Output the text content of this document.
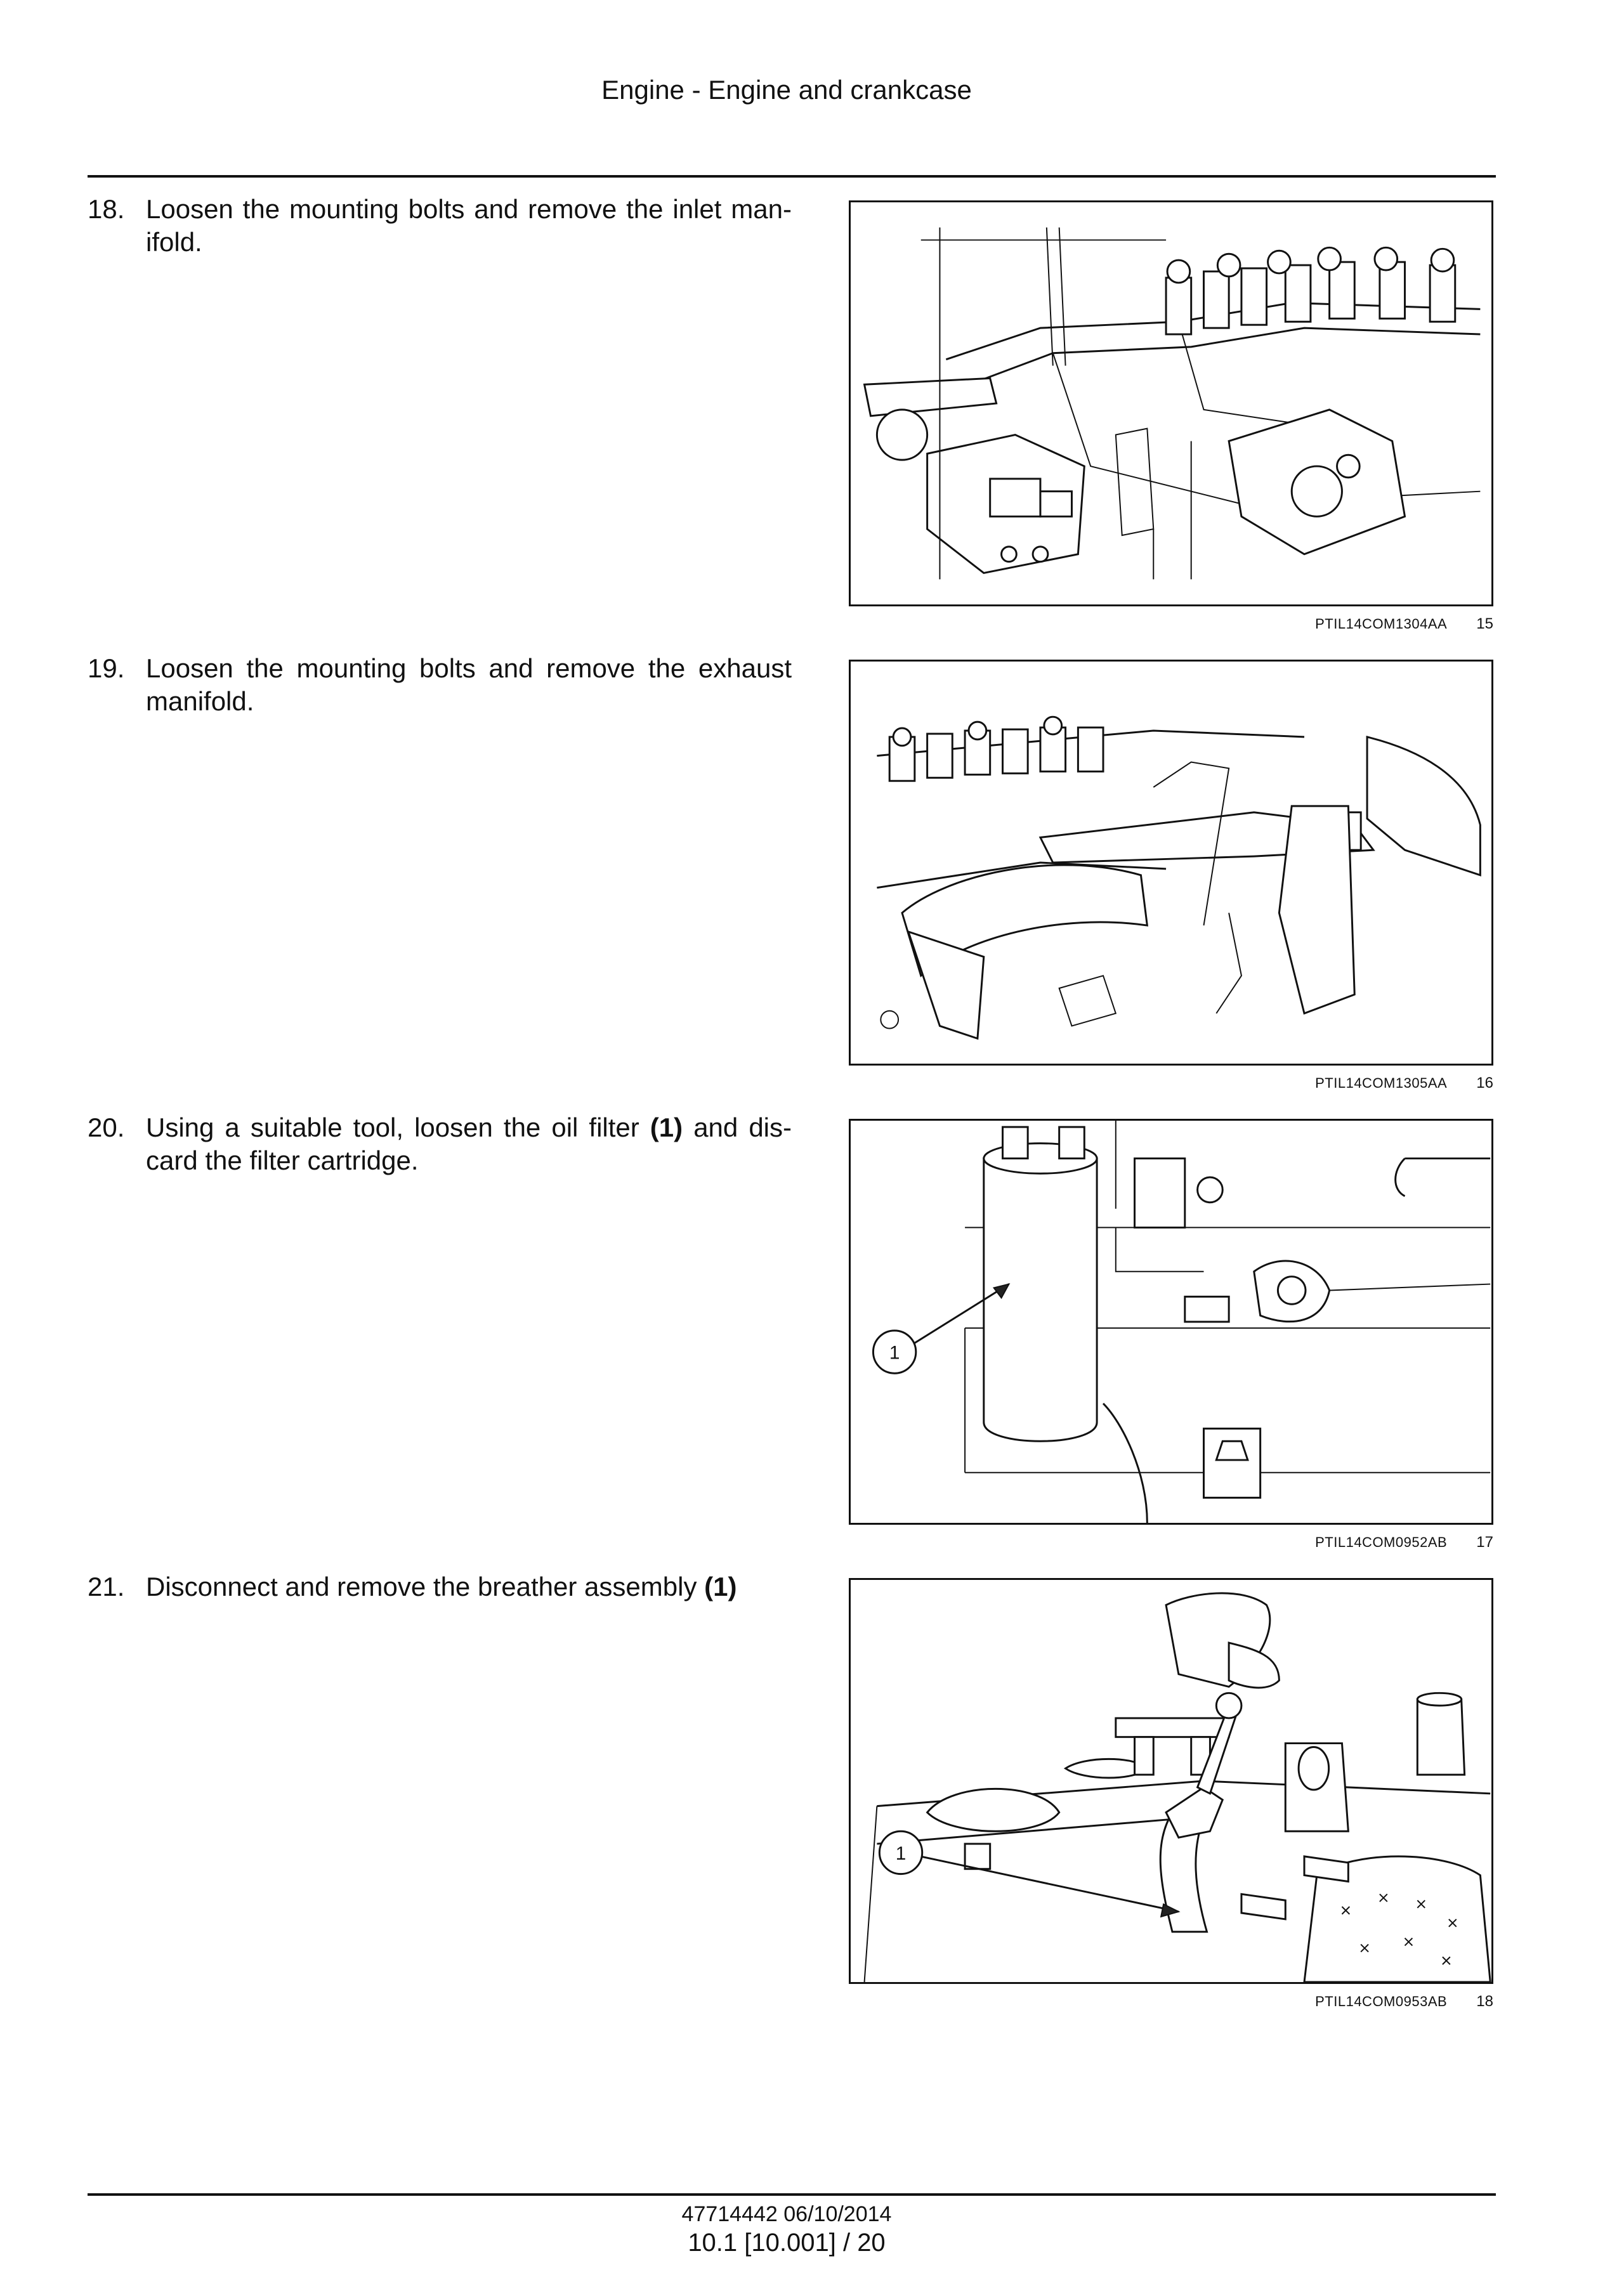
Engine - Engine and crankcase
18. Loosen the mounting bolts and remove the inlet man-ifold.
PTIL14COM1304AA 15
19. Loosen the mounting bolts and remove the exhaust manifold.
PTIL14COM1305AA 16
20. Using a suitable tool, loosen the oil filter (1) and dis-card the filter cartridge.
1
PTIL14COM0952AB 17
21. Disconnect and remove the breather assembly (1)
1
PTIL14COM0953AB 18
47714442 06/10/2014
10.1 [10.001] / 20
